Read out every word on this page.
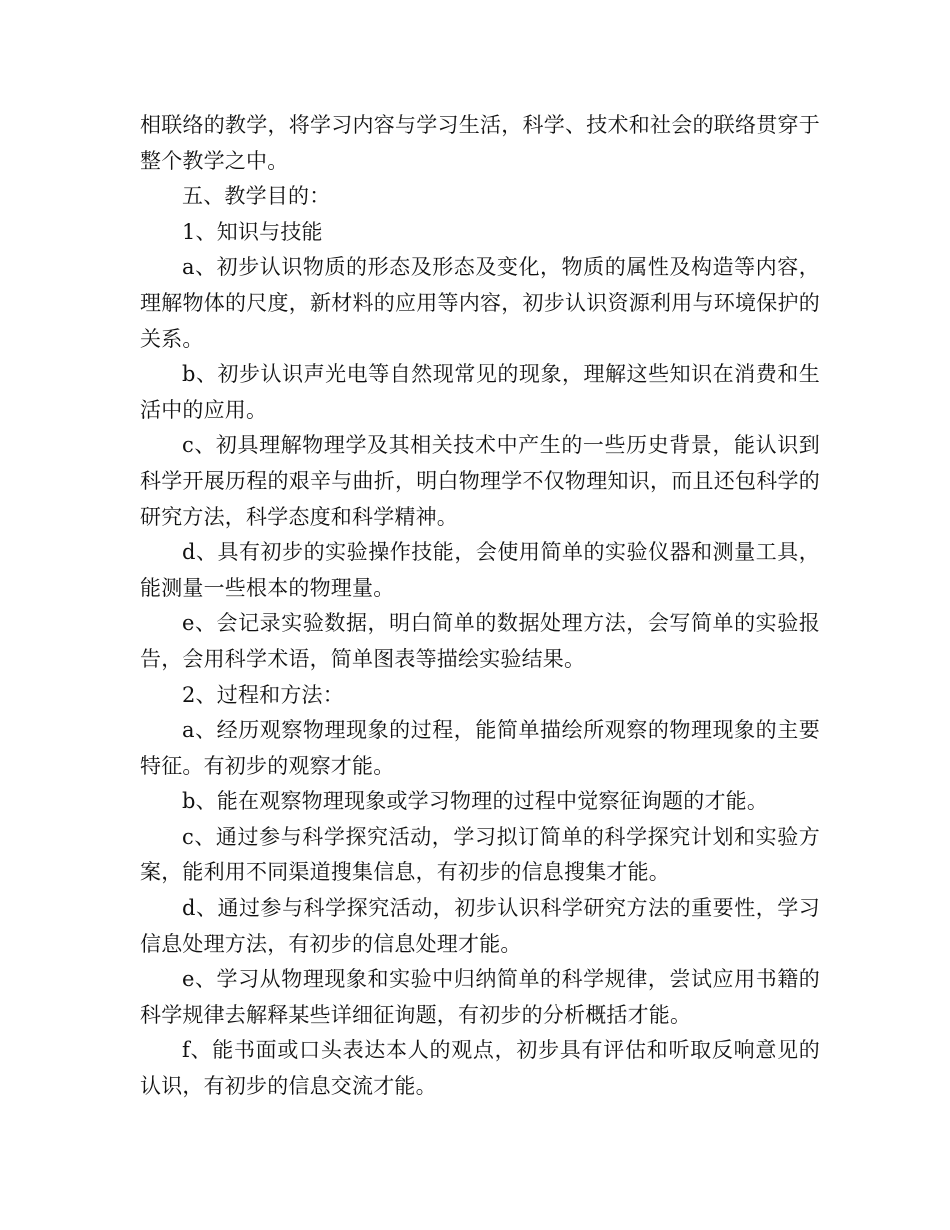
相联络的教学，将学习内容与学习生活，科学、技术和社会的联络贯穿于整个教学之中。

五、教学目的：

1、知识与技能

a、初步认识物质的形态及形态及变化，物质的属性及构造等内容，理解物体的尺度，新材料的应用等内容，初步认识资源利用与环境保护的关系。

b、初步认识声光电等自然现常见的现象，理解这些知识在消费和生活中的应用。

c、初具理解物理学及其相关技术中产生的一些历史背景，能认识到科学开展历程的艰辛与曲折，明白物理学不仅物理知识，而且还包科学的研究方法，科学态度和科学精神。

d、具有初步的实验操作技能，会使用简单的实验仪器和测量工具，能测量一些根本的物理量。

e、会记录实验数据，明白简单的数据处理方法，会写简单的实验报告，会用科学术语，简单图表等描绘实验结果。

2、过程和方法：

a、经历观察物理现象的过程，能简单描绘所观察的物理现象的主要特征。有初步的观察才能。

b、能在观察物理现象或学习物理的过程中觉察征询题的才能。

c、通过参与科学探究活动，学习拟订简单的科学探究计划和实验方案，能利用不同渠道搜集信息，有初步的信息搜集才能。

d、通过参与科学探究活动，初步认识科学研究方法的重要性，学习信息处理方法，有初步的信息处理才能。

e、学习从物理现象和实验中归纳简单的科学规律，尝试应用书籍的科学规律去解释某些详细征询题，有初步的分析概括才能。

f、能书面或口头表达本人的观点，初步具有评估和听取反响意见的认识，有初步的信息交流才能。
